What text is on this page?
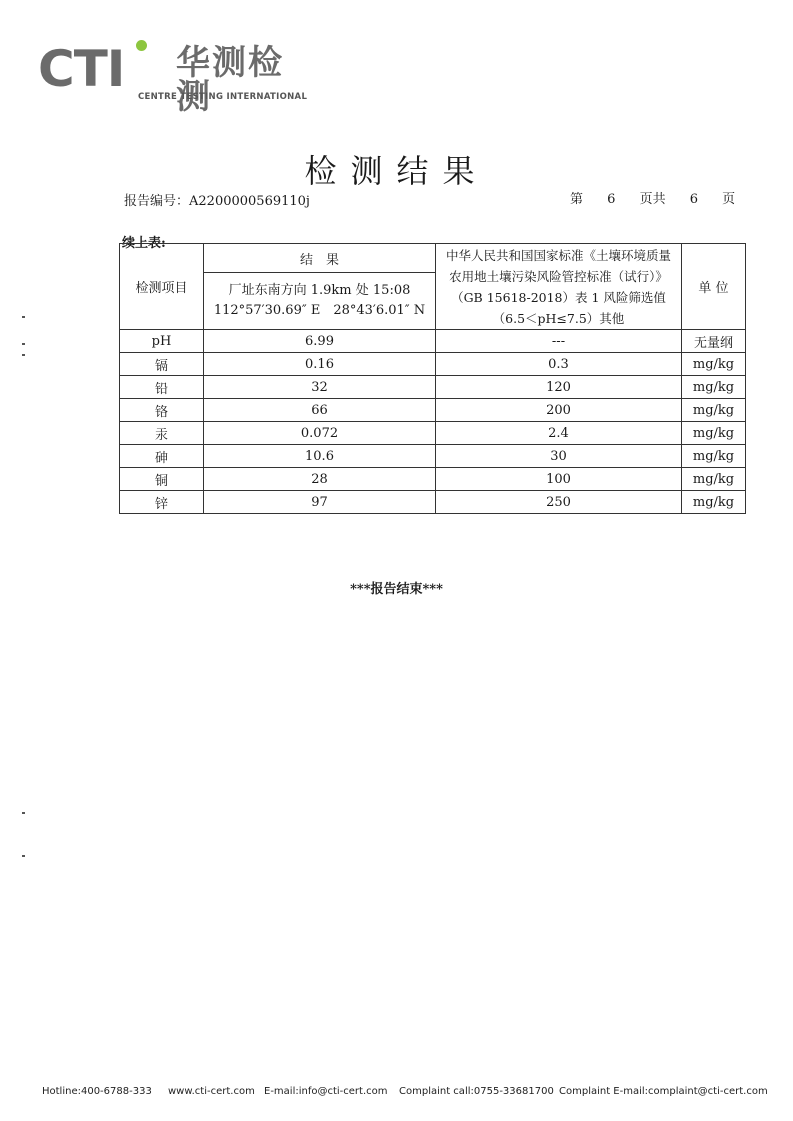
CTI 华测检测
CENTRE TESTING INTERNATIONAL
检测结果
报告编号：A2200000569110j	第 6 页共 6 页
续上表:
检测项目	结　果	中华人民共和国国家标准《土壤环境质量 农用地土壤污染风险管控标准（试行）》（GB 15618-2018）表 1 风险筛选值（6.5＜pH≤7.5）其他	单 位

	厂址东南方向 1.9km 处 15:08
112°57′30.69″ E　28°43′6.01″ N		

pH	6.99	---	无量纲
镉	0.16	0.3	mg/kg
铅	32	120	mg/kg
铬	66	200	mg/kg
汞	0.072	2.4	mg/kg
砷	10.6	30	mg/kg
铜	28	100	mg/kg
锌	97	250	mg/kg
***报告结束***
Hotline:400-6788-333 www.cti-cert.com E-mail:info@cti-cert.com Complaint call:0755-33681700 Complaint E-mail:complaint@cti-cert.com
